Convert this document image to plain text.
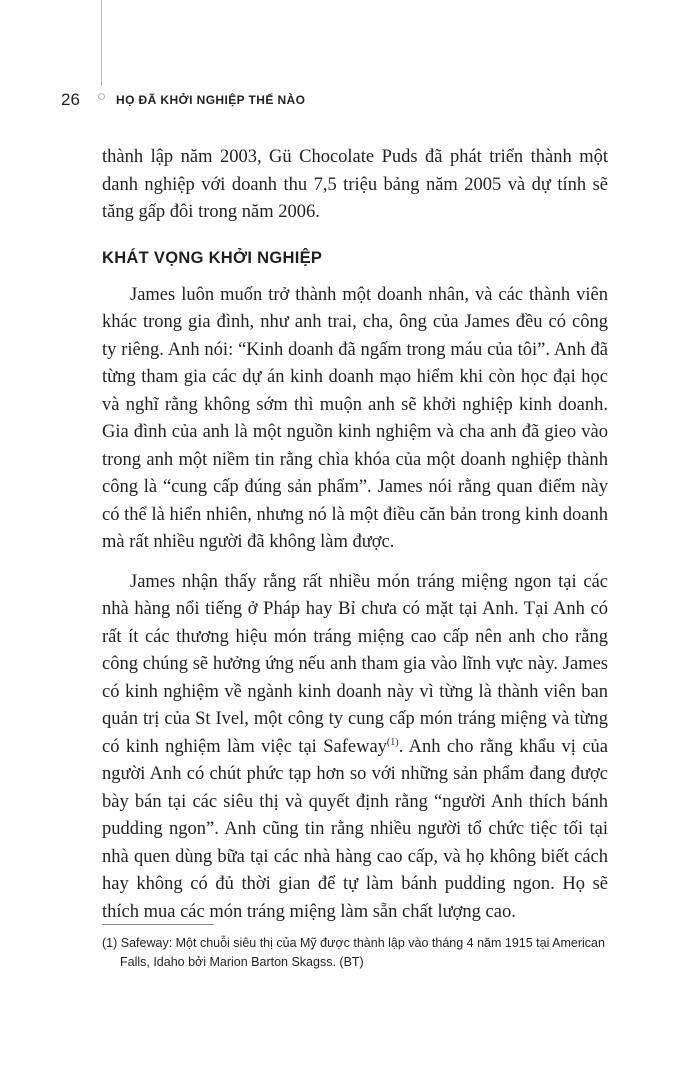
26	HỌ ĐÃ KHỞI NGHIỆP THẾ NÀO

thành lập năm 2003, Gü Chocolate Puds đã phát triển thành một danh nghiệp với doanh thu 7,5 triệu bảng năm 2005 và dự tính sẽ tăng gấp đôi trong năm 2006.

KHÁT VỌNG KHỞI NGHIỆP

James luôn muốn trở thành một doanh nhân, và các thành viên khác trong gia đình, như anh trai, cha, ông của James đều có công ty riêng. Anh nói: “Kinh doanh đã ngấm trong máu của tôi”. Anh đã từng tham gia các dự án kinh doanh mạo hiểm khi còn học đại học và nghĩ rằng không sớm thì muộn anh sẽ khởi nghiệp kinh doanh. Gia đình của anh là một nguồn kinh nghiệm và cha anh đã gieo vào trong anh một niềm tin rằng chìa khóa của một doanh nghiệp thành công là “cung cấp đúng sản phẩm”. James nói rằng quan điểm này có thể là hiển nhiên, nhưng nó là một điều căn bản trong kinh doanh mà rất nhiều người đã không làm được.

James nhận thấy rằng rất nhiều món tráng miệng ngon tại các nhà hàng nổi tiếng ở Pháp hay Bỉ chưa có mặt tại Anh. Tại Anh có rất ít các thương hiệu món tráng miệng cao cấp nên anh cho rằng công chúng sẽ hưởng ứng nếu anh tham gia vào lĩnh vực này. James có kinh nghiệm về ngành kinh doanh này vì từng là thành viên ban quản trị của St Ivel, một công ty cung cấp món tráng miệng và từng có kinh nghiệm làm việc tại Safeway$^{(1)}$. Anh cho rằng khẩu vị của người Anh có chút phức tạp hơn so với những sản phẩm đang được bày bán tại các siêu thị và quyết định rằng “người Anh thích bánh pudding ngon”. Anh cũng tin rằng nhiều người tổ chức tiệc tối tại nhà quen dùng bữa tại các nhà hàng cao cấp, và họ không biết cách hay không có đủ thời gian để tự làm bánh pudding ngon. Họ sẽ thích mua các món tráng miệng làm sẵn chất lượng cao.

(1) Safeway: Một chuỗi siêu thị của Mỹ được thành lập vào tháng 4 năm 1915 tại American
Falls, Idaho bởi Marion Barton Skagss. (BT)
